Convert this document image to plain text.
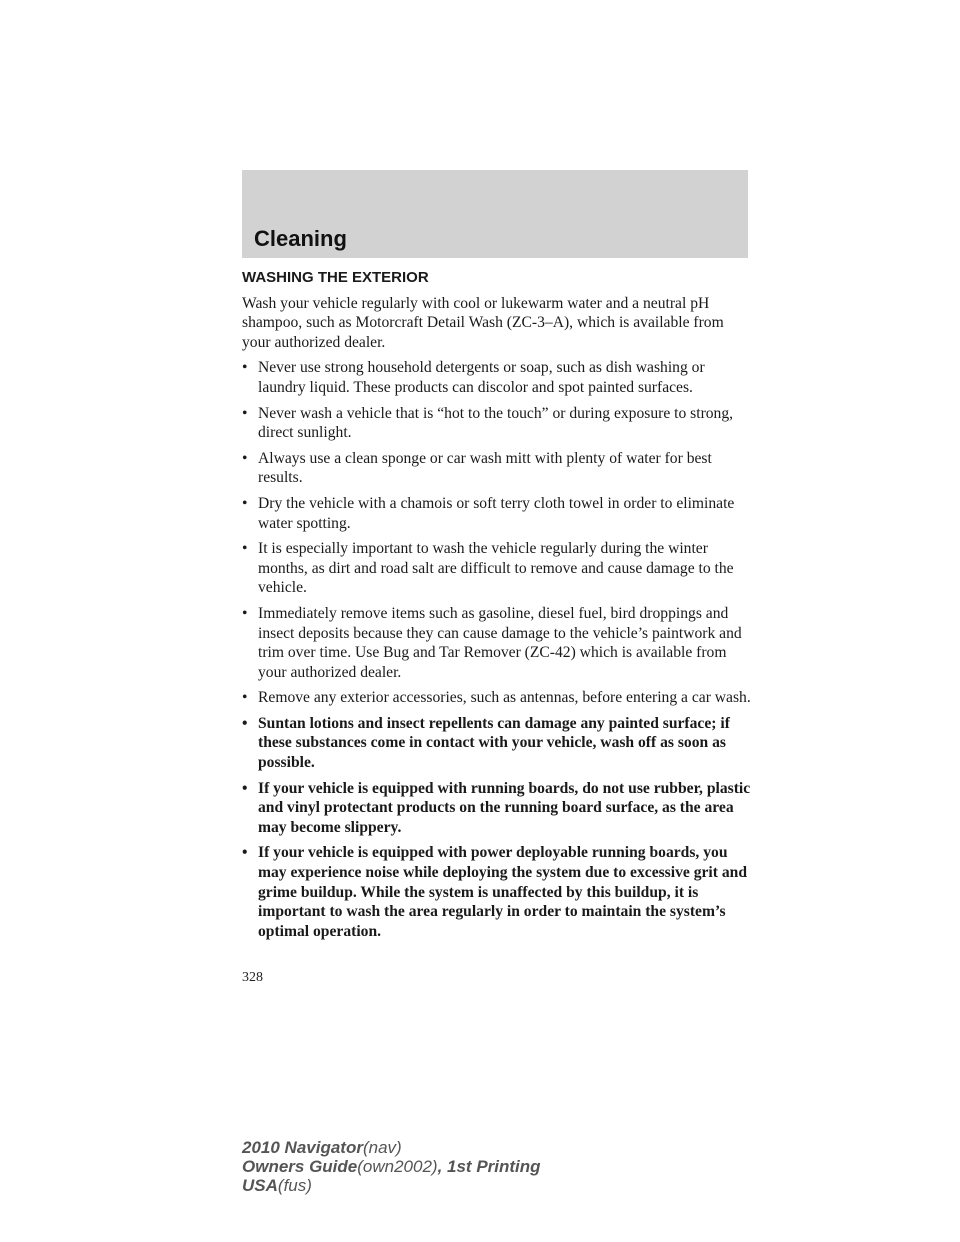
Cleaning
WASHING THE EXTERIOR

Wash your vehicle regularly with cool or lukewarm water and a neutral pH shampoo, such as Motorcraft Detail Wash (ZC-3–A), which is available from your authorized dealer.

• Never use strong household detergents or soap, such as dish washing or laundry liquid. These products can discolor and spot painted surfaces.
• Never wash a vehicle that is “hot to the touch” or during exposure to strong, direct sunlight.
• Always use a clean sponge or car wash mitt with plenty of water for best results.
• Dry the vehicle with a chamois or soft terry cloth towel in order to eliminate water spotting.
• It is especially important to wash the vehicle regularly during the winter months, as dirt and road salt are difficult to remove and cause damage to the vehicle.
• Immediately remove items such as gasoline, diesel fuel, bird droppings and insect deposits because they can cause damage to the vehicle’s paintwork and trim over time. Use Bug and Tar Remover (ZC-42) which is available from your authorized dealer.
• Remove any exterior accessories, such as antennas, before entering a car wash.
• Suntan lotions and insect repellents can damage any painted surface; if these substances come in contact with your vehicle, wash off as soon as possible.
• If your vehicle is equipped with running boards, do not use rubber, plastic and vinyl protectant products on the running board surface, as the area may become slippery.
• If your vehicle is equipped with power deployable running boards, you may experience noise while deploying the system due to excessive grit and grime buildup. While the system is unaffected by this buildup, it is important to wash the area regularly in order to maintain the system’s optimal operation.
328
2010 Navigator(nav)
Owners Guide(own2002), 1st Printing
USA(fus)
